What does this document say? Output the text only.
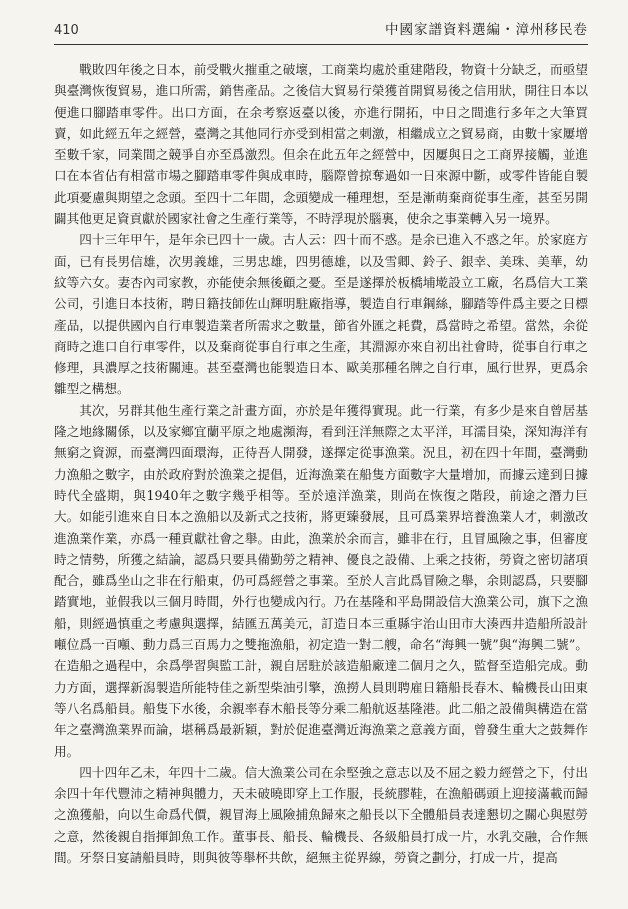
410	中國家譜資料選編・漳州移民卷

戰敗四年後之日本，前受戰火摧重之破壞，工商業均處於重建階段，物資十分缺乏，而亟望與臺灣恢復貿易，進口所需，銷售產品。之後信大貿易行榮獲首開貿易後之信用狀，開往日本以便進口腳踏車零件。出口方面，在余考察返臺以後，亦進行開拓，中日之間進行多年之大筆買賣，如此經五年之經營，臺灣之其他同行亦受到相當之刺激，相繼成立之貿易商，由數十家屢增至數千家，同業間之競爭自亦至爲激烈。但余在此五年之經營中，因屢與日之工商界接觸，並進口在本省佔有相當市場之腳踏車零件與成車時，腦際曾掠奪過如一日來源中斷，或零件皆能自製此項憂慮與期望之念頭。至四十二年間，念頭變成一種理想，至是漸萌棄商從事生產，甚至另開闢其他更足資貢獻於國家社會之生產行業等，不時浮現於腦裏，使余之事業轉入另一境界。

四十三年甲午，是年余已四十一歲。古人云：四十而不惑。是余已進入不惑之年。於家庭方面，已有長男信雄，次男義雄，三男忠雄，四男德雄，以及雪卿、鈴子、銀幸、美珠、美華，幼紋等六女。妻杏內司家教，亦能使余無後顧之憂。至是遂擇於板橋埔墘設立工廠，名爲信大工業公司，引進日本技術，聘日籍技師佐山輝明駐廠指導，製造自行車鋼絲，腳踏等件爲主要之日標產品，以提供國內自行車製造業者所需求之數量，節省外匯之耗費，爲當時之希望。當然，余從商時之進口自行車零件，以及棄商從事自行車之生產，其淵源亦來自初出社會時，從事自行車之修理，具濃厚之技術關連。甚至臺灣也能製造日本、歐美那種名牌之自行車，風行世界，更爲余雛型之構想。

其次，另群其他生產行業之計畫方面，亦於是年獲得實現。此一行業，有多少是來自曾居基隆之地緣關係，以及家鄉宜蘭平原之地處瀕海，看到汪洋無際之太平洋，耳濡目染，深知海洋有無窮之資源，而臺灣四面環海，正待吾人開發，遂擇定從事漁業。況且，初在四十年間，臺灣動力漁船之數字，由於政府對於漁業之提倡，近海漁業在船隻方面數字大量增加，而據云達到日據時代全盛期，與1940年之數字幾乎相等。至於遠洋漁業，則尚在恢復之階段，前途之潛力巨大。如能引進來自日本之漁船以及新式之技術，將更臻發展，且可爲業界培養漁業人才，刺激改進漁業作業，亦爲一種貢獻社會之舉。由此，漁業於余而言，雖非在行，且冒風險之事，但審度時之情勢，所獲之結論，認爲只要具備勤勞之精神、優良之設備、上乘之技術，勞資之密切諸項配合，雖爲坐山之非在行船東，仍可爲經營之事業。至於人言此爲冒險之舉，余則認爲，只要腳踏實地，並假我以三個月時間，外行也變成內行。乃在基隆和平島開設信大漁業公司，旗下之漁船，則經過慎重之考慮與選擇，結匯五萬美元，訂造日本三重縣宇治山田市大湊西井造船所設計噸位爲一百噸、動力爲三百馬力之雙拖漁船，初定造一對二艘，命名“海興一號”與“海興二號”。在造船之過程中，余爲學習與監工計，親自居駐於該造船廠達二個月之久，監督至造船完成。動力方面，選擇新潟製造所能特佳之新型柴油引擎，漁撈人員則聘雇日籍船長春木、輪機長山田東等八名爲船員。船隻下水後，余親率春木船長等分乘二船航返基隆港。此二船之設備與構造在當年之臺灣漁業界而論，堪稱爲最新穎，對於促進臺灣近海漁業之意義方面，曾發生重大之鼓舞作用。

四十四年乙未，年四十二歲。信大漁業公司在余堅強之意志以及不屈之毅力經營之下，付出余四十年代豐沛之精神與體力，天未破曉即穿上工作服，長統膠鞋，在漁船碼頭上迎接滿載而歸之漁獲船，向以生命爲代價，親冒海上風險捕魚歸來之船長以下全體船員表達懇切之關心與慰勞之意，然後親自指揮卸魚工作。董事長、船長、輪機長、各級船員打成一片，水乳交融，合作無間。牙祭日宴請船員時，則與彼等舉杯共飲，絕無主從界線，勞資之劃分，打成一片，提高
